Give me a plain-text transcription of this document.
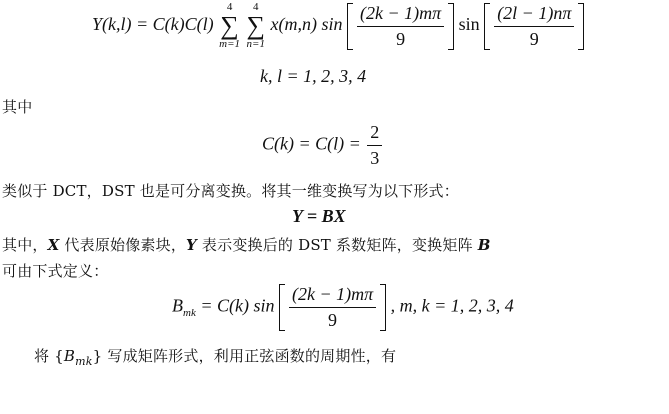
Y(k,l) = C(k)C(l)
4
∑
m=1

4
∑
n=1
x(m,n) $\sin \frac{(2k - 1)m\pi}{9}$ $\sin \frac{(2l - 1)n\pi}{9}$
k, l = 1, 2, 3, 4
其中
$C(k) = C(l) = \frac{2}{3}$
类似于 DCT，DST 也是可分离变换。将其一维变换写为以下形式：
Y = BX
其中，X 代表原始像素块，Y 表示变换后的 DST 系数矩阵，变换矩阵 B
可由下式定义：
$B_{mk} = C(k)$ $\sin \frac{(2k - 1)m\pi}{9}$ , m, k = 1, 2, 3, 4
将 $\{B_{mk}\}$ 写成矩阵形式，利用正弦函数的周期性，有
